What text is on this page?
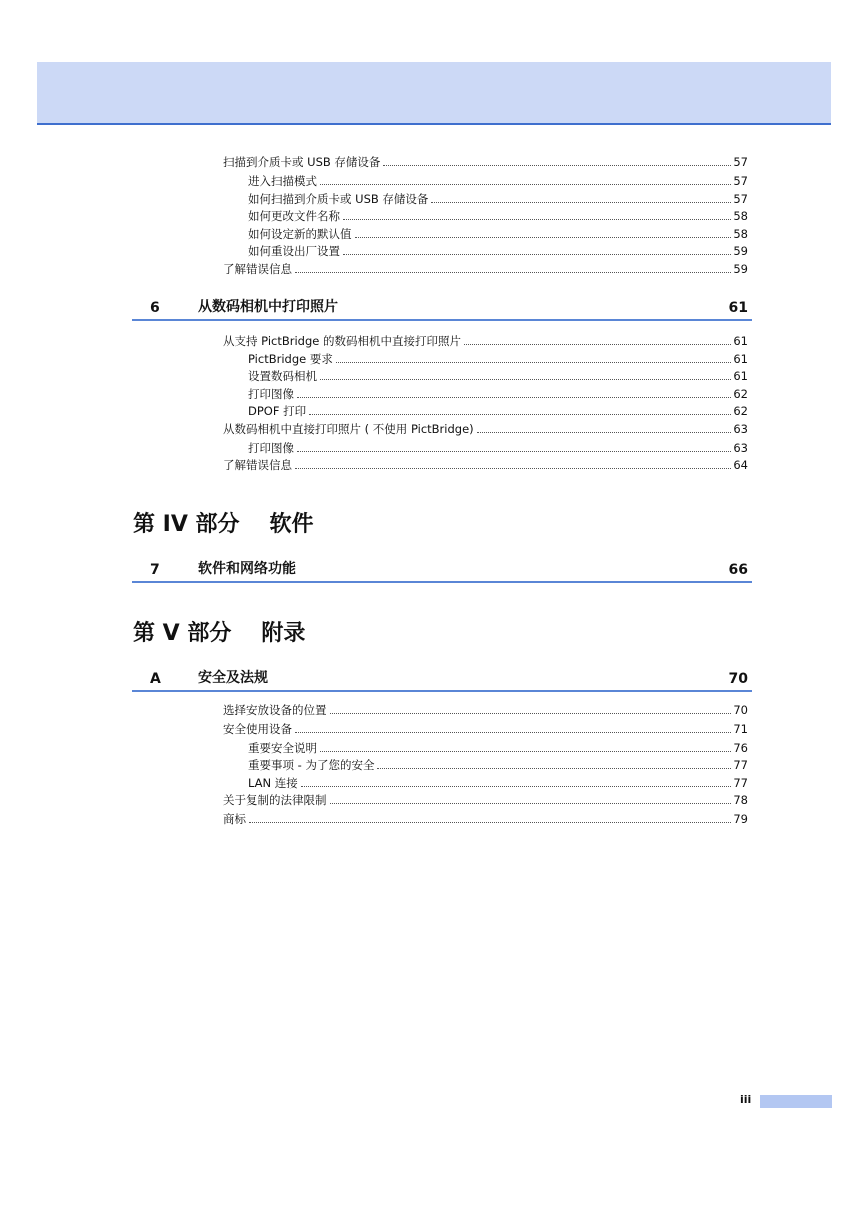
扫描到介质卡或 USB 存储设备	57
进入扫描模式	57
如何扫描到介质卡或 USB 存储设备	57
如何更改文件名称	58
如何设定新的默认值	58
如何重设出厂设置	59
了解错误信息	59
6	从数码相机中打印照片	61
从支持 PictBridge 的数码相机中直接打印照片	61
PictBridge 要求	61
设置数码相机	61
打印图像	62
DPOF 打印	62
从数码相机中直接打印照片 ( 不使用 PictBridge)	63
打印图像	63
了解错误信息	64
第 IV 部分 软件
7	软件和网络功能	66
第 V 部分 附录
A	安全及法规	70
选择安放设备的位置	70
安全使用设备	71
重要安全说明	76
重要事项 - 为了您的安全	77
LAN 连接	77
关于复制的法律限制	78
商标	79
iii
